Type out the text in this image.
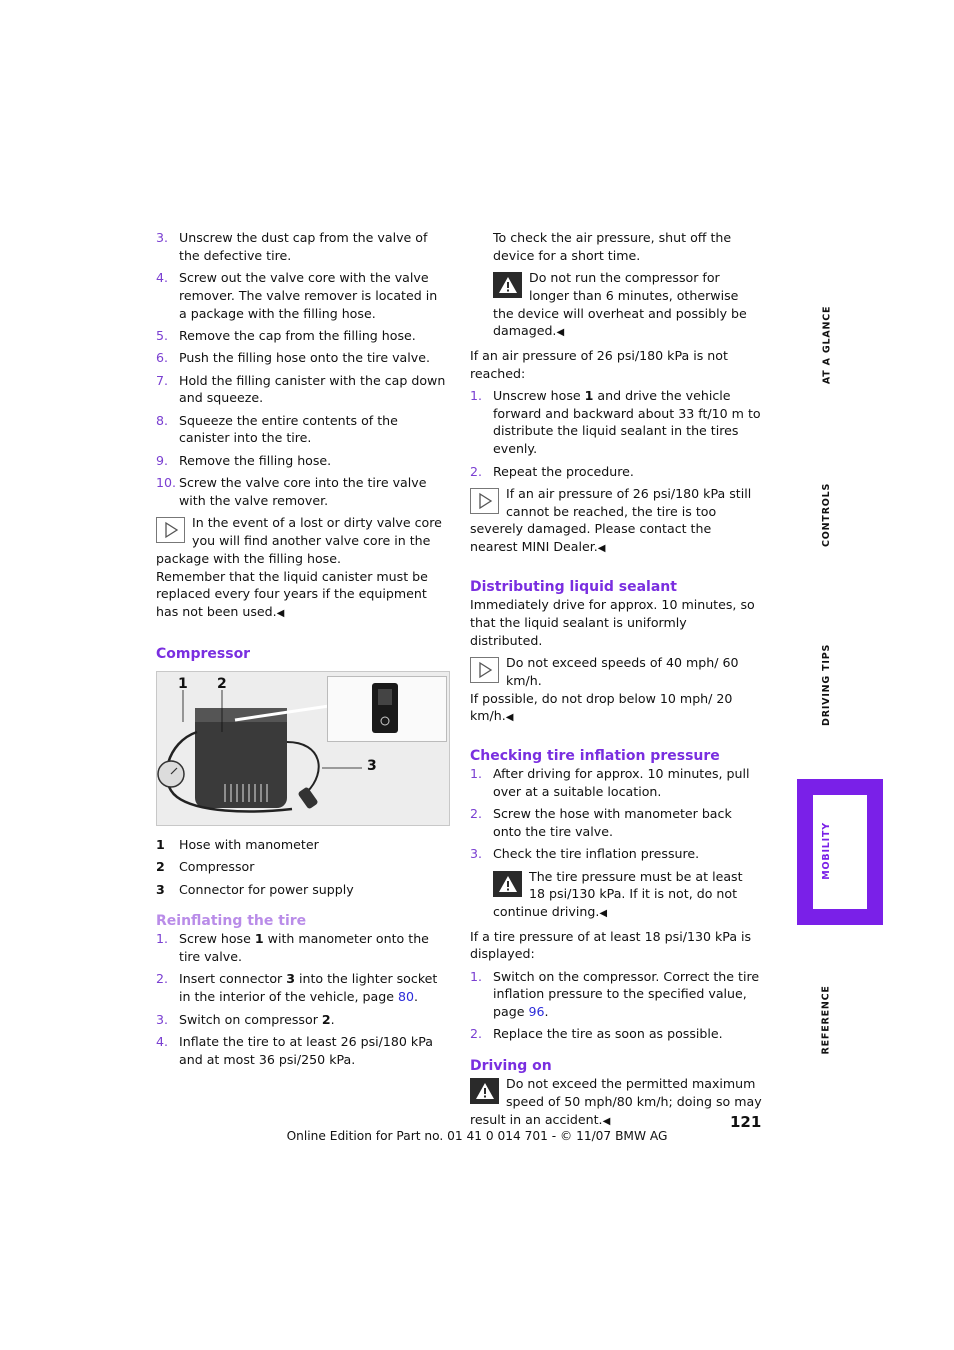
3. Unscrew the dust cap from the valve of the defective tire.
4. Screw out the valve core with the valve remover. The valve remover is located in a package with the filling hose.
5. Remove the cap from the filling hose.
6. Push the filling hose onto the tire valve.
7. Hold the filling canister with the cap down and squeeze.
8. Squeeze the entire contents of the canister into the tire.
9. Remove the filling hose.
10. Screw the valve core into the tire valve with the valve remover.
In the event of a lost or dirty valve core you will find another valve core in the package with the filling hose.
Remember that the liquid canister must be replaced every four years if the equipment has not been used.◀
Compressor
1 2
3
1	Hose with manometer
2	Compressor
3	Connector for power supply
Reinflating the tire
1. Screw hose 1 with manometer onto the tire valve.
2. Insert connector 3 into the lighter socket in the interior of the vehicle, page 80.
3. Switch on compressor 2.
4. Inflate the tire to at least 26 psi/180 kPa and at most 36 psi/250 kPa.

To check the air pressure, shut off the device for a short time.

Do not run the compressor for longer than 6 minutes, otherwise the device will overheat and possibly be damaged.◀

If an air pressure of 26 psi/180 kPa is not reached:

1. Unscrew hose 1 and drive the vehicle forward and backward about 33 ft/10 m to distribute the liquid sealant in the tires evenly.
2. Repeat the procedure.
If an air pressure of 26 psi/180 kPa still cannot be reached, the tire is too severely damaged. Please contact the nearest MINI Dealer.◀
Distributing liquid sealant

Immediately drive for approx. 10 minutes, so that the liquid sealant is uniformly distributed.

Do not exceed speeds of 40 mph/ 60 km/h.
If possible, do not drop below 10 mph/ 20 km/h.◀
Checking tire inflation pressure
1. After driving for approx. 10 minutes, pull over at a suitable location.
2. Screw the hose with manometer back onto the tire valve.
3. Check the tire inflation pressure.
The tire pressure must be at least 18 psi/130 kPa. If it is not, do not continue driving.◀

If a tire pressure of at least 18 psi/130 kPa is displayed:

1. Switch on the compressor. Correct the tire inflation pressure to the specified value, page 96.
2. Replace the tire as soon as possible.
Driving on
Do not exceed the permitted maximum speed of 50 mph/80 km/h; doing so may result in an accident.◀
AT A GLANCE
CONTROLS
DRIVING TIPS
MOBILITY
REFERENCE
121
Online Edition for Part no. 01 41 0 014 701 - © 11/07 BMW AG
